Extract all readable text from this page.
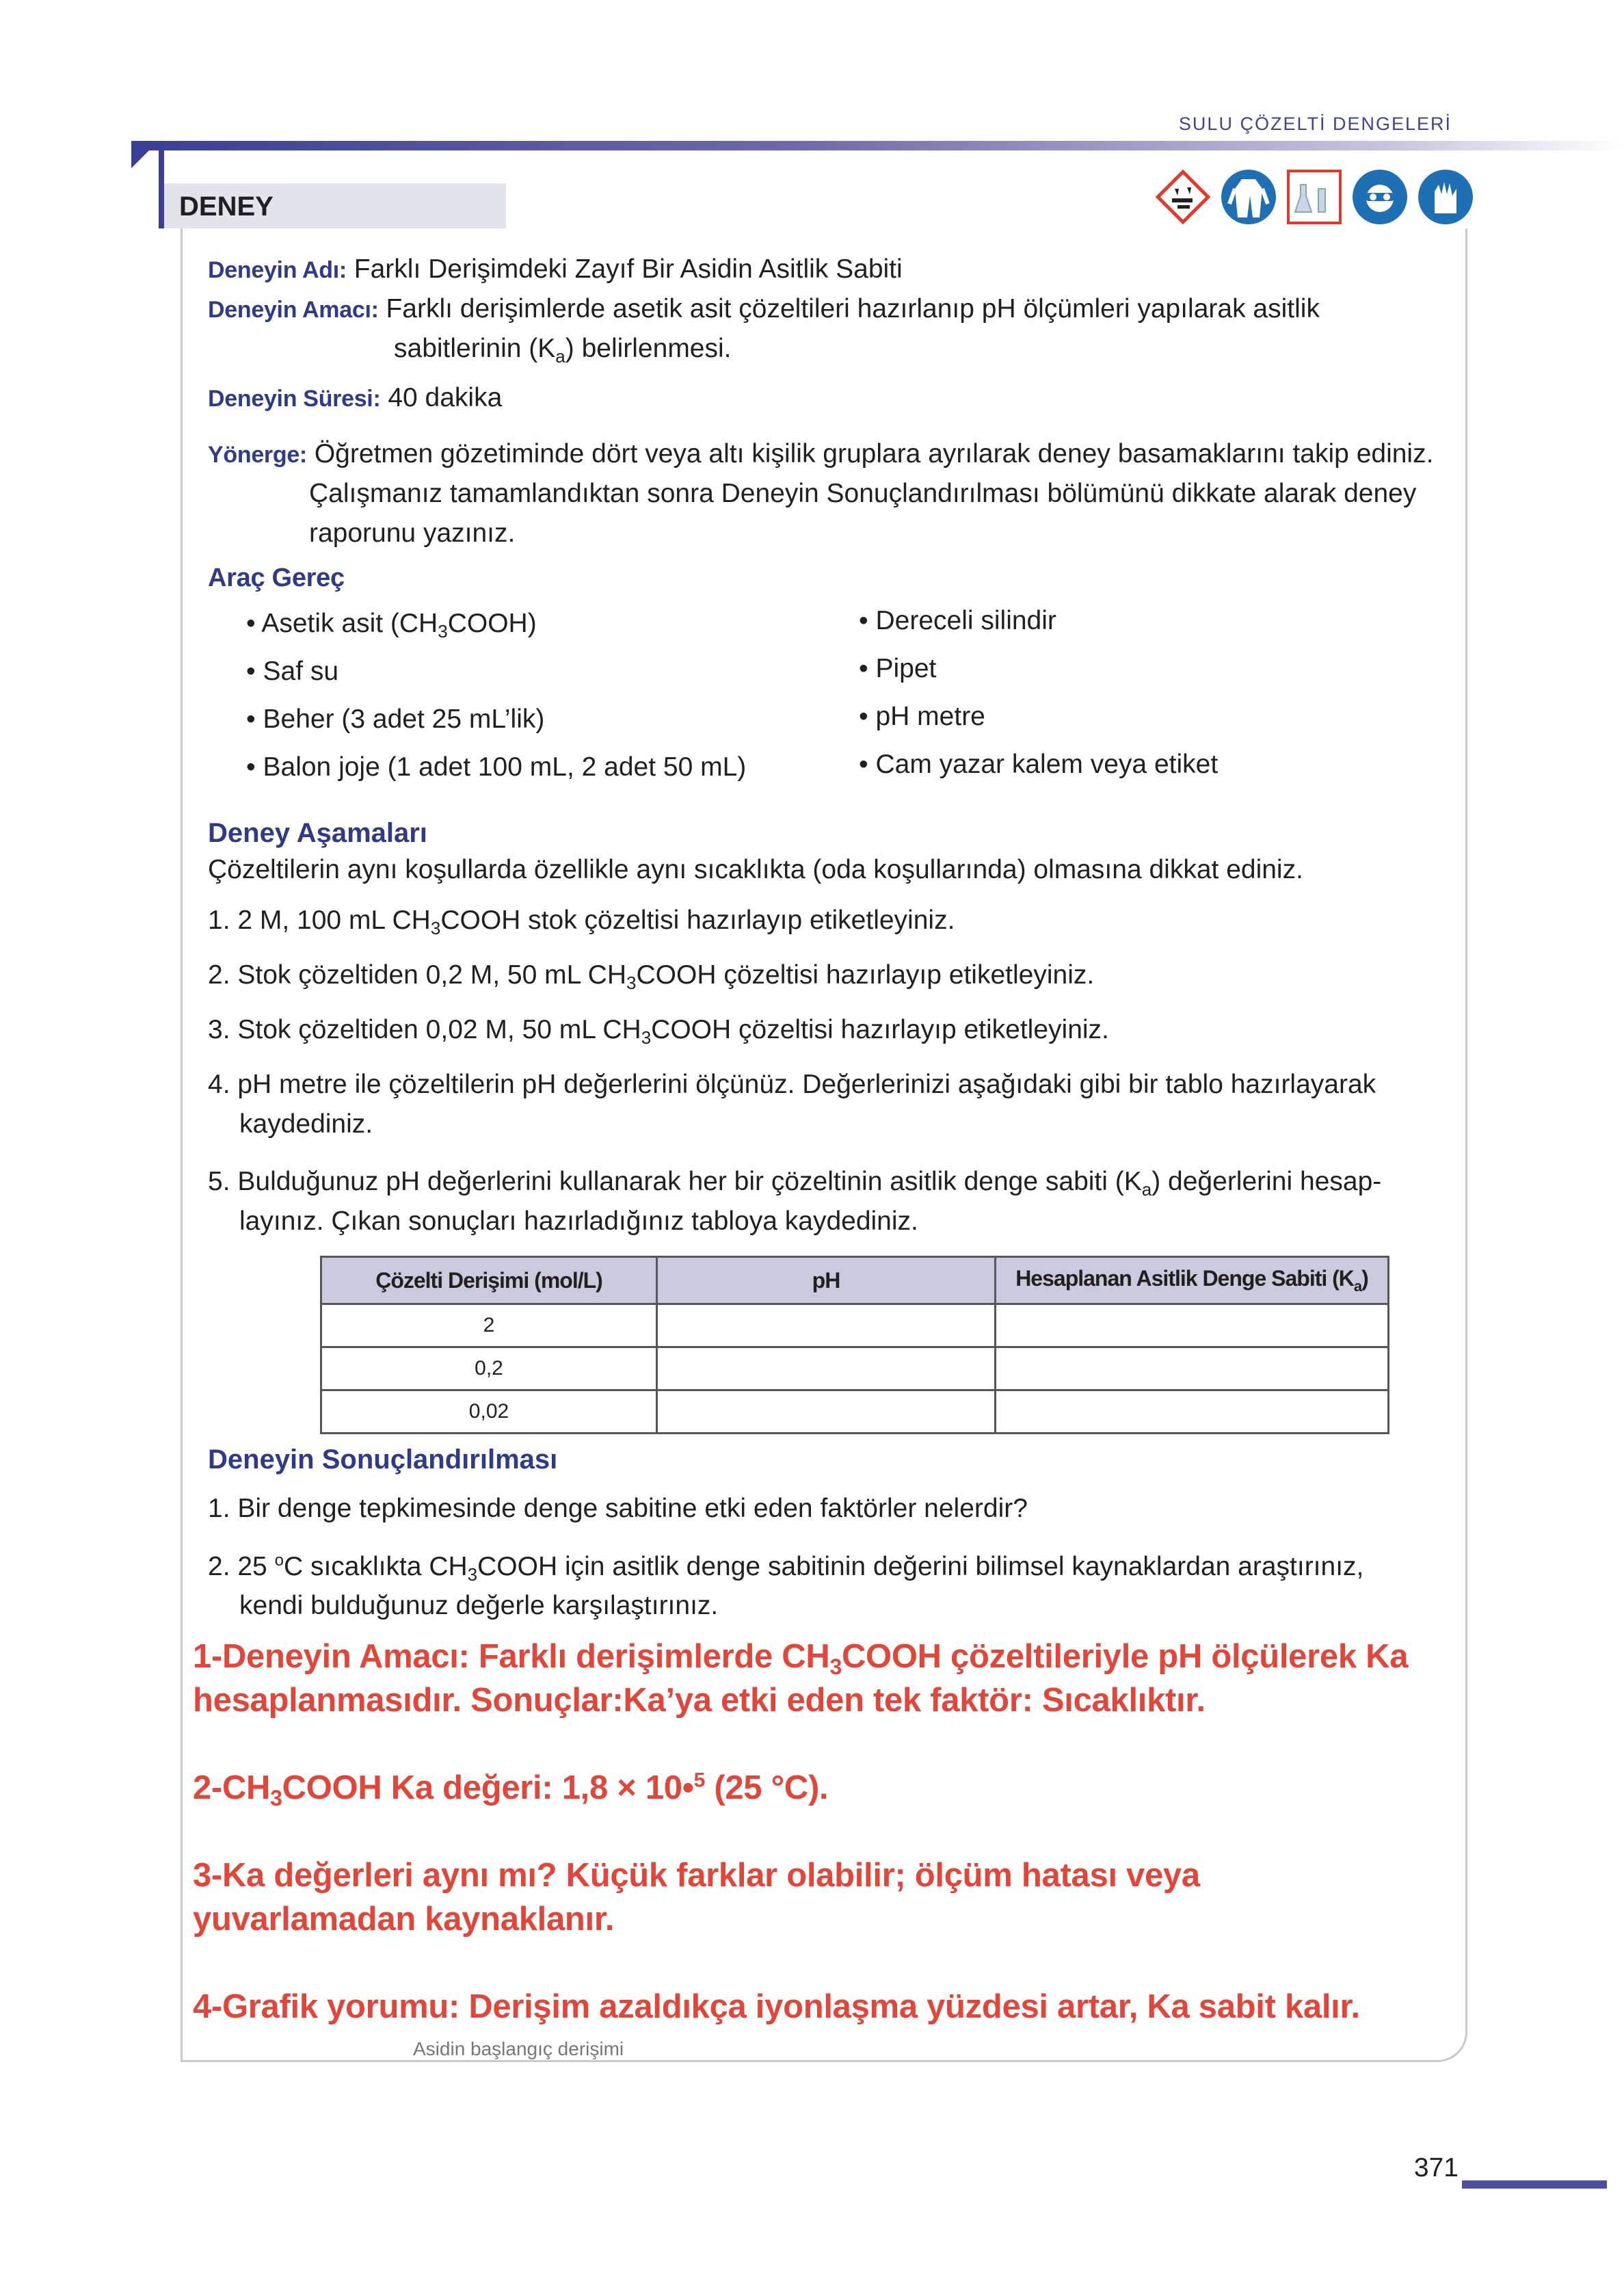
SULU ÇÖZELTİ DENGELERİ
DENEY
Deneyin Adı: Farklı Derişimdeki Zayıf Bir Asidin Asitlik Sabiti
Deneyin Amacı: Farklı derişimlerde asetik asit çözeltileri hazırlanıp pH ölçümleri yapılarak asitlik
sabitlerinin $(K_a)$ belirlenmesi.
Deneyin Süresi: 40 dakika
Yönerge: Öğretmen gözetiminde dört veya altı kişilik gruplara ayrılarak deney basamaklarını takip ediniz.
Çalışmanız tamamlandıktan sonra Deneyin Sonuçlandırılması bölümünü dikkate alarak deney
raporunu yazınız.
Araç Gereç
• Asetik asit $(CH_3COOH)$
• Saf su
• Beher (3 adet 25 mL’lik)
• Balon joje (1 adet 100 mL, 2 adet 50 mL)
• Dereceli silindir
• Pipet
• pH metre
• Cam yazar kalem veya etiket
Deney Aşamaları
Çözeltilerin aynı koşullarda özellikle aynı sıcaklıkta (oda koşullarında) olmasına dikkat ediniz.
1. 2 M, 100 mL $CH_3COOH$ stok çözeltisi hazırlayıp etiketleyiniz.
2. Stok çözeltiden 0,2 M, 50 mL $CH_3COOH$ çözeltisi hazırlayıp etiketleyiniz.
3. Stok çözeltiden 0,02 M, 50 mL $CH_3COOH$ çözeltisi hazırlayıp etiketleyiniz.
4. pH metre ile çözeltilerin pH değerlerini ölçünüz. Değerlerinizi aşağıdaki gibi bir tablo hazırlayarak
kaydediniz.
5. Bulduğunuz pH değerlerini kullanarak her bir çözeltinin asitlik denge sabiti $(K_a)$ değerlerini hesap-
layınız. Çıkan sonuçları hazırladığınız tabloya kaydediniz.
Çözelti Derişimi (mol/L)	pH	Hesaplanan Asitlik Denge Sabiti $(K_a)$
2		
0,2		
0,02		
Deneyin Sonuçlandırılması
1. Bir denge tepkimesinde denge sabitine etki eden faktörler nelerdir?
2. 25 $^o$C sıcaklıkta $CH_3COOH$ için asitlik denge sabitinin değerini bilimsel kaynaklardan araştırınız,
kendi bulduğunuz değerle karşılaştırınız.
1-Deneyin Amacı: Farklı derişimlerde $CH_3COOH$ çözeltileriyle pH ölçülerek Ka
hesaplanmasıdır. Sonuçlar:Ka’ya etki eden tek faktör: Sıcaklıktır.
$2-CH_3COOH$ Ka değeri: 1,8 × 10•$^5$ (25 °C).
3-Ka değerleri aynı mı? Küçük farklar olabilir; ölçüm hatası veya
yuvarlamadan kaynaklanır.
4-Grafik yorumu: Derişim azaldıkça iyonlaşma yüzdesi artar, Ka sabit kalır.
Asidin başlangıç derişimi
371
